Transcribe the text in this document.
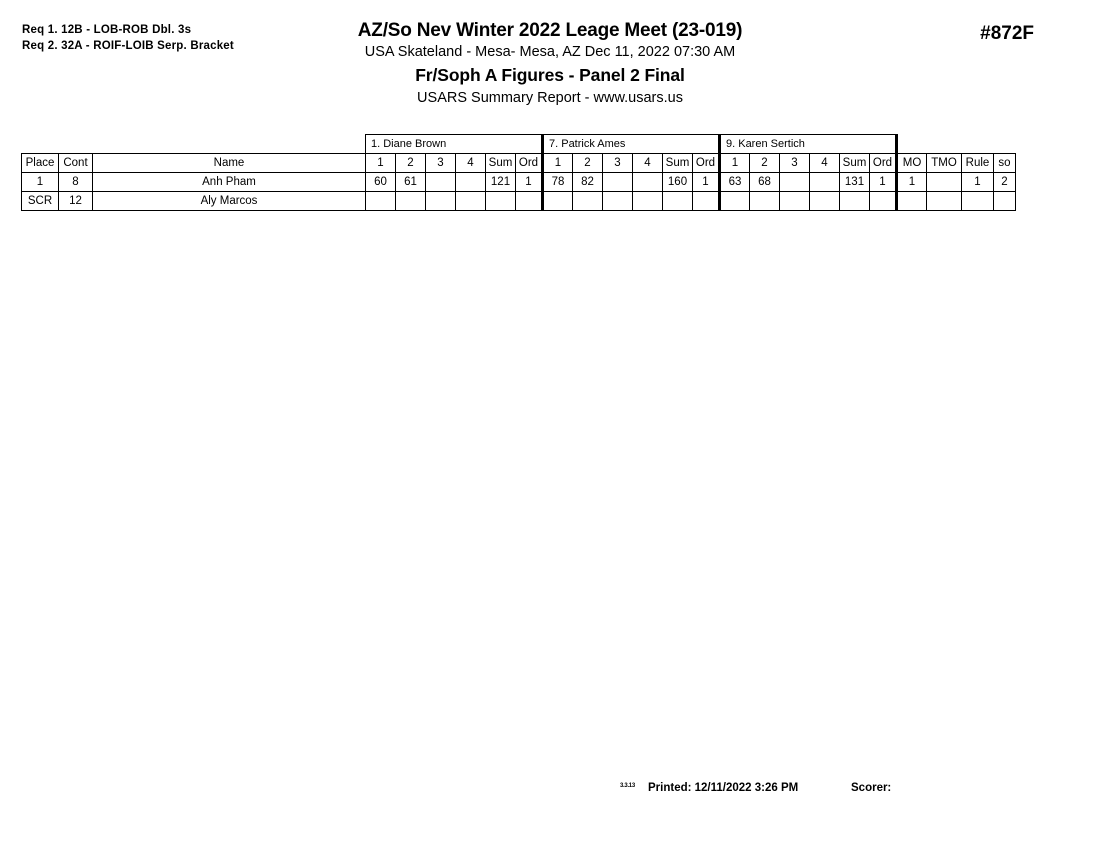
Req 1. 12B - LOB-ROB Dbl. 3s
Req 2. 32A - ROIF-LOIB Serp. Bracket
AZ/So Nev Winter 2022 Leage Meet (23-019)
USA Skateland - Mesa- Mesa, AZ Dec 11, 2022 07:30 AM
Fr/Soph A Figures - Panel 2 Final
USARS Summary Report - www.usars.us
#872F
			1. Diane Brown						7. Patrick Ames						9. Karen Sertich									
Place	Cont	Name	1	2	3	4	Sum	Ord	1	2	3	4	Sum	Ord	1	2	3	4	Sum	Ord	MO	TMO	Rule	so
1	8	Anh Pham	60	61			121	1	78	82			160	1	63	68			131	1	1		1	2
SCR	12	Aly Marcos																						
3.3.13 Printed: 12/11/2022 3:26 PM	Scorer:
